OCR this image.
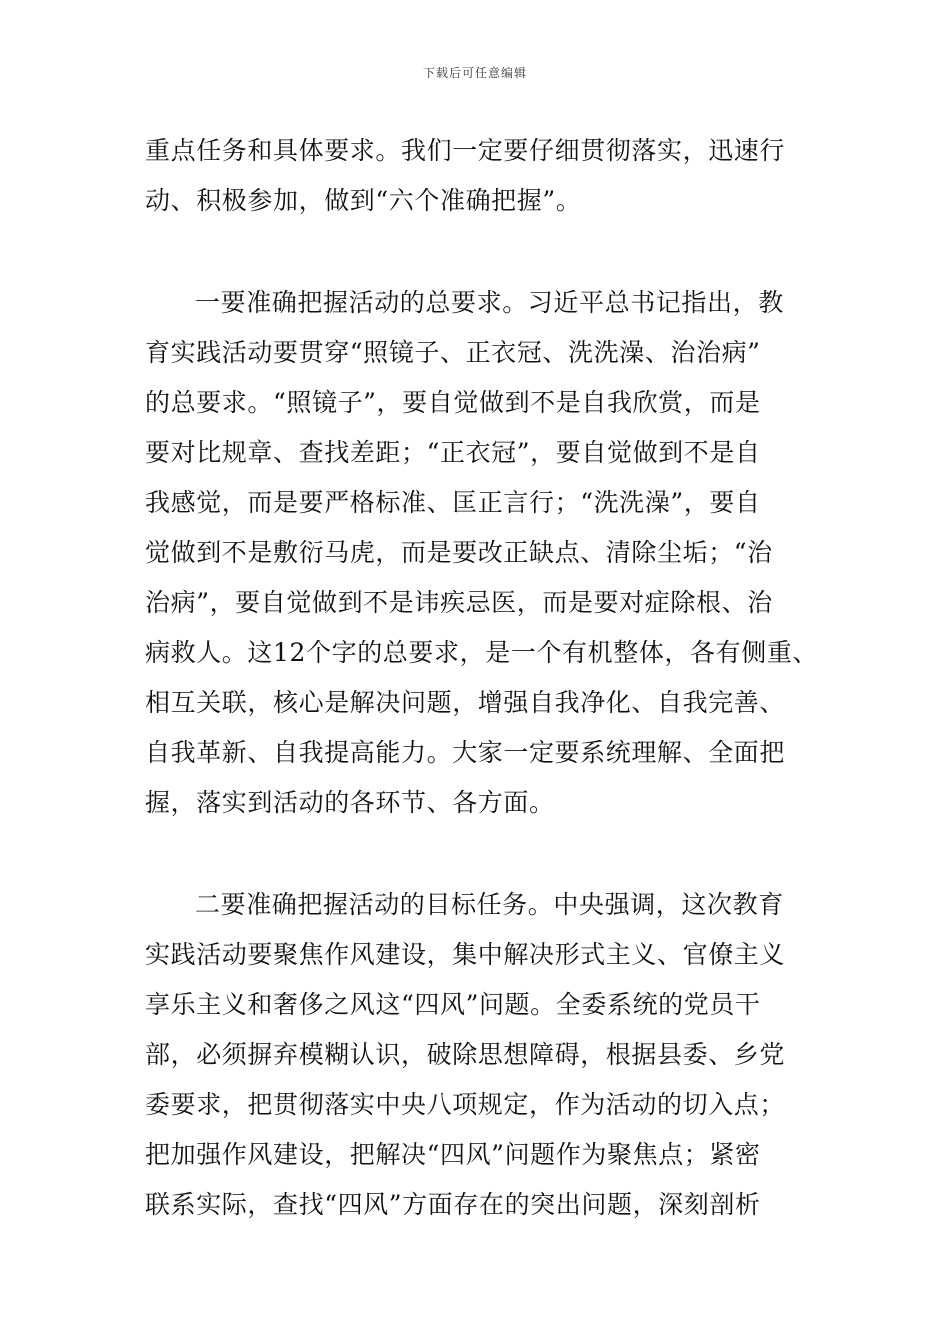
下载后可任意编辑
重点任务和具体要求。我们一定要仔细贯彻落实，迅速行
动、积极参加，做到“六个准确把握”。
一要准确把握活动的总要求。习近平总书记指出，教
育实践活动要贯穿“照镜子、正衣冠、洗洗澡、治治病”
的总要求。“照镜子”，要自觉做到不是自我欣赏，而是
要对比规章、查找差距；“正衣冠”，要自觉做到不是自
我感觉，而是要严格标准、匡正言行；“洗洗澡”，要自
觉做到不是敷衍马虎，而是要改正缺点、清除尘垢；“治
治病”，要自觉做到不是讳疾忌医，而是要对症除根、治
病救人。这12个字的总要求，是一个有机整体，各有侧重、
相互关联，核心是解决问题，增强自我净化、自我完善、
自我革新、自我提高能力。大家一定要系统理解、全面把
握，落实到活动的各环节、各方面。
二要准确把握活动的目标任务。中央强调，这次教育
实践活动要聚焦作风建设，集中解决形式主义、官僚主义
享乐主义和奢侈之风这“四风”问题。全委系统的党员干
部，必须摒弃模糊认识，破除思想障碍，根据县委、乡党
委要求，把贯彻落实中央八项规定，作为活动的切入点；
把加强作风建设，把解决“四风”问题作为聚焦点；紧密
联系实际，查找“四风”方面存在的突出问题，深刻剖析
